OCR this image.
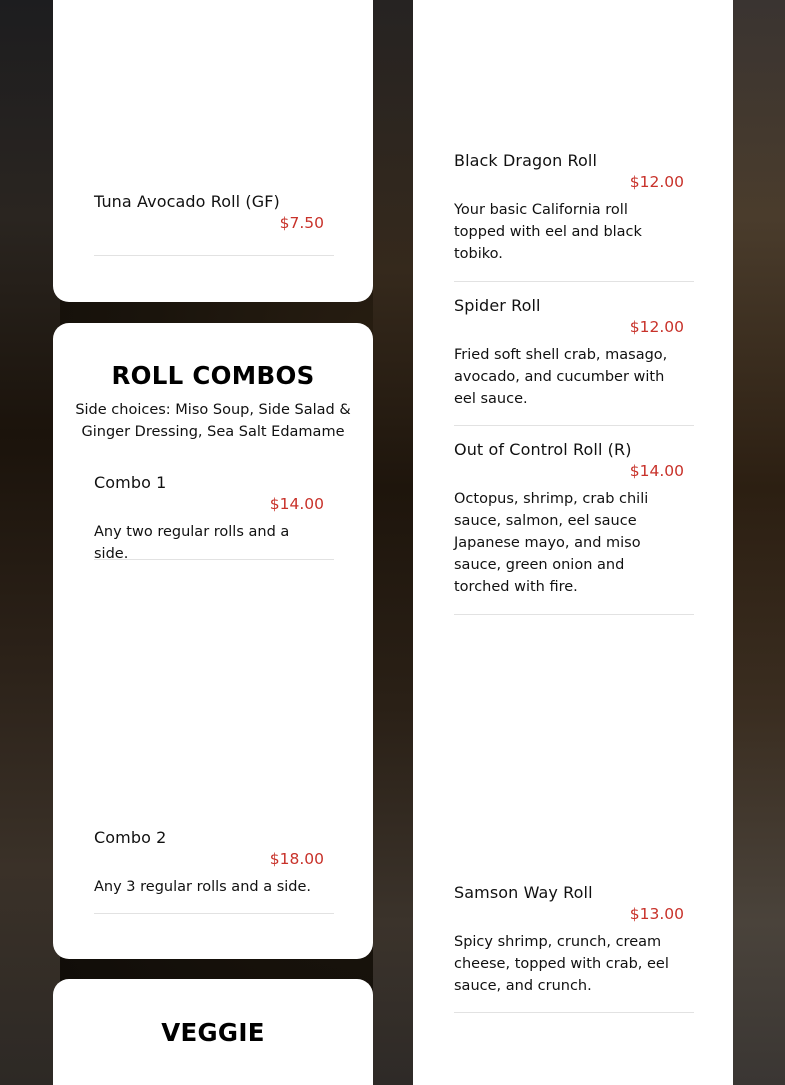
Tuna Avocado Roll (GF)
$7.50
ROLL COMBOS
Side choices: Miso Soup, Side Salad & Ginger Dressing, Sea Salt Edamame
Combo 1
$14.00
Any two regular rolls and a side.
Combo 2
$18.00
Any 3 regular rolls and a side.
VEGGIE
Black Dragon Roll
$12.00
Your basic California roll topped with eel and black tobiko.
Spider Roll
$12.00
Fried soft shell crab, masago, avocado, and cucumber with eel sauce.
Out of Control Roll (R)
$14.00
Octopus, shrimp, crab chili sauce, salmon, eel sauce Japanese mayo, and miso sauce, green onion and torched with fire.
Samson Way Roll
$13.00
Spicy shrimp, crunch, cream cheese, topped with crab, eel sauce, and crunch.
